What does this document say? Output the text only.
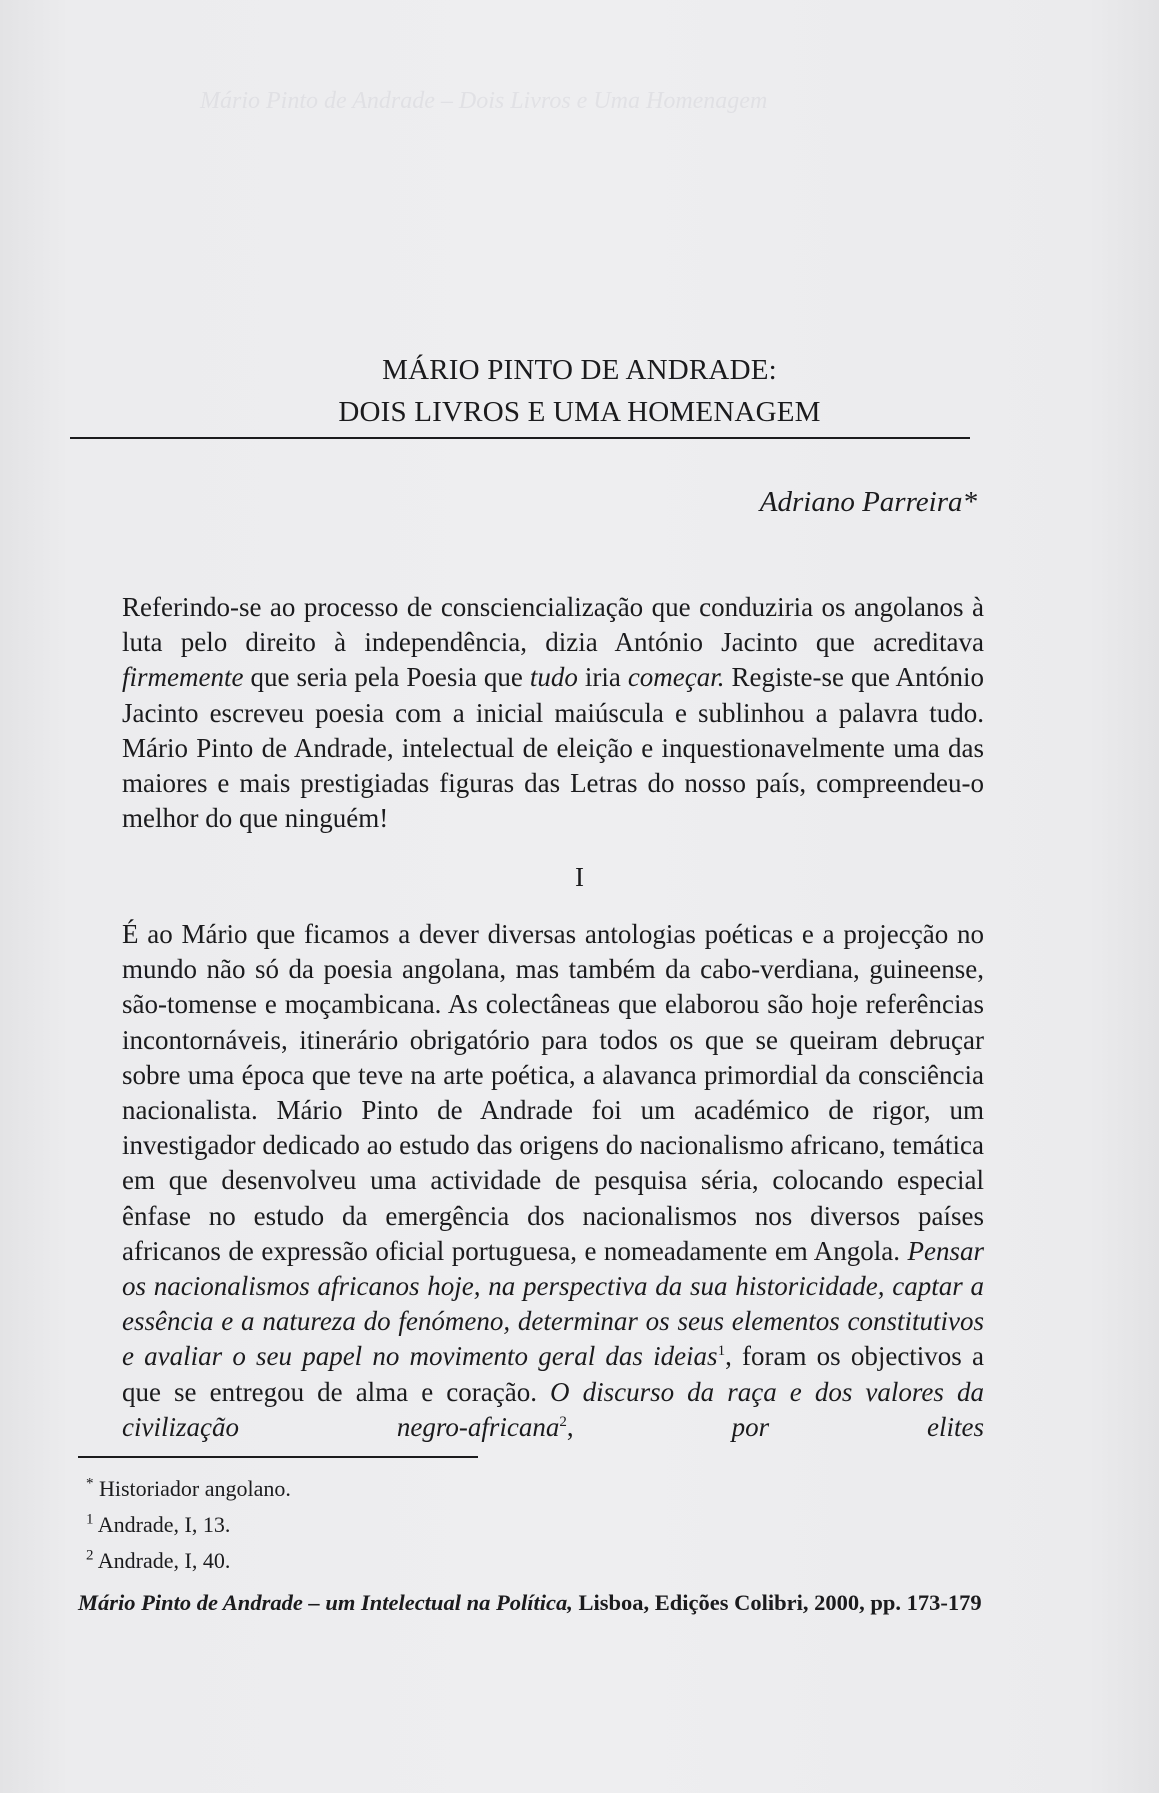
Mário Pinto de Andrade – Dois Livros e Uma Homenagem
MÁRIO PINTO DE ANDRADE:
DOIS LIVROS E UMA HOMENAGEM
Adriano Parreira*

Referindo-se ao processo de consciencialização que conduziria os angolanos à luta pelo direito à independência, dizia António Jacinto que acreditava firmemente que seria pela Poesia que tudo iria começar. Registe-se que António Jacinto escreveu poesia com a inicial maiúscula e sublinhou a palavra tudo. Mário Pinto de Andrade, intelectual de eleição e inquestionavelmente uma das maiores e mais prestigiadas figuras das Letras do nosso país, compreendeu-o melhor do que ninguém!

I

É ao Mário que ficamos a dever diversas antologias poéticas e a projecção no mundo não só da poesia angolana, mas também da cabo-verdiana, guineense, são-tomense e moçambicana. As colectâneas que elaborou são hoje referências incontornáveis, itinerário obrigatório para todos os que se queiram debruçar sobre uma época que teve na arte poética, a alavanca primordial da consciência nacionalista. Mário Pinto de Andrade foi um académico de rigor, um investigador dedicado ao estudo das origens do nacionalismo africano, temática em que desenvolveu uma actividade de pesquisa séria, colocando especial ênfase no estudo da emergência dos nacionalismos nos diversos países africanos de expressão oficial portuguesa, e nomeadamente em Angola. Pensar os nacionalismos africanos hoje, na perspectiva da sua historicidade, captar a essência e a natureza do fenómeno, determinar os seus elementos constitutivos e avaliar o seu papel no movimento geral das ideias$^1$, foram os objectivos a que se entregou de alma e coração. O discurso da raça e dos valores da civilização negro-africana$^2$, por elites

* Historiador angolano.
$^1$ Andrade, I, 13.
$^2$ Andrade, I, 40.
Mário Pinto de Andrade – um Intelectual na Política, Lisboa, Edições Colibri, 2000, pp. 173-179
